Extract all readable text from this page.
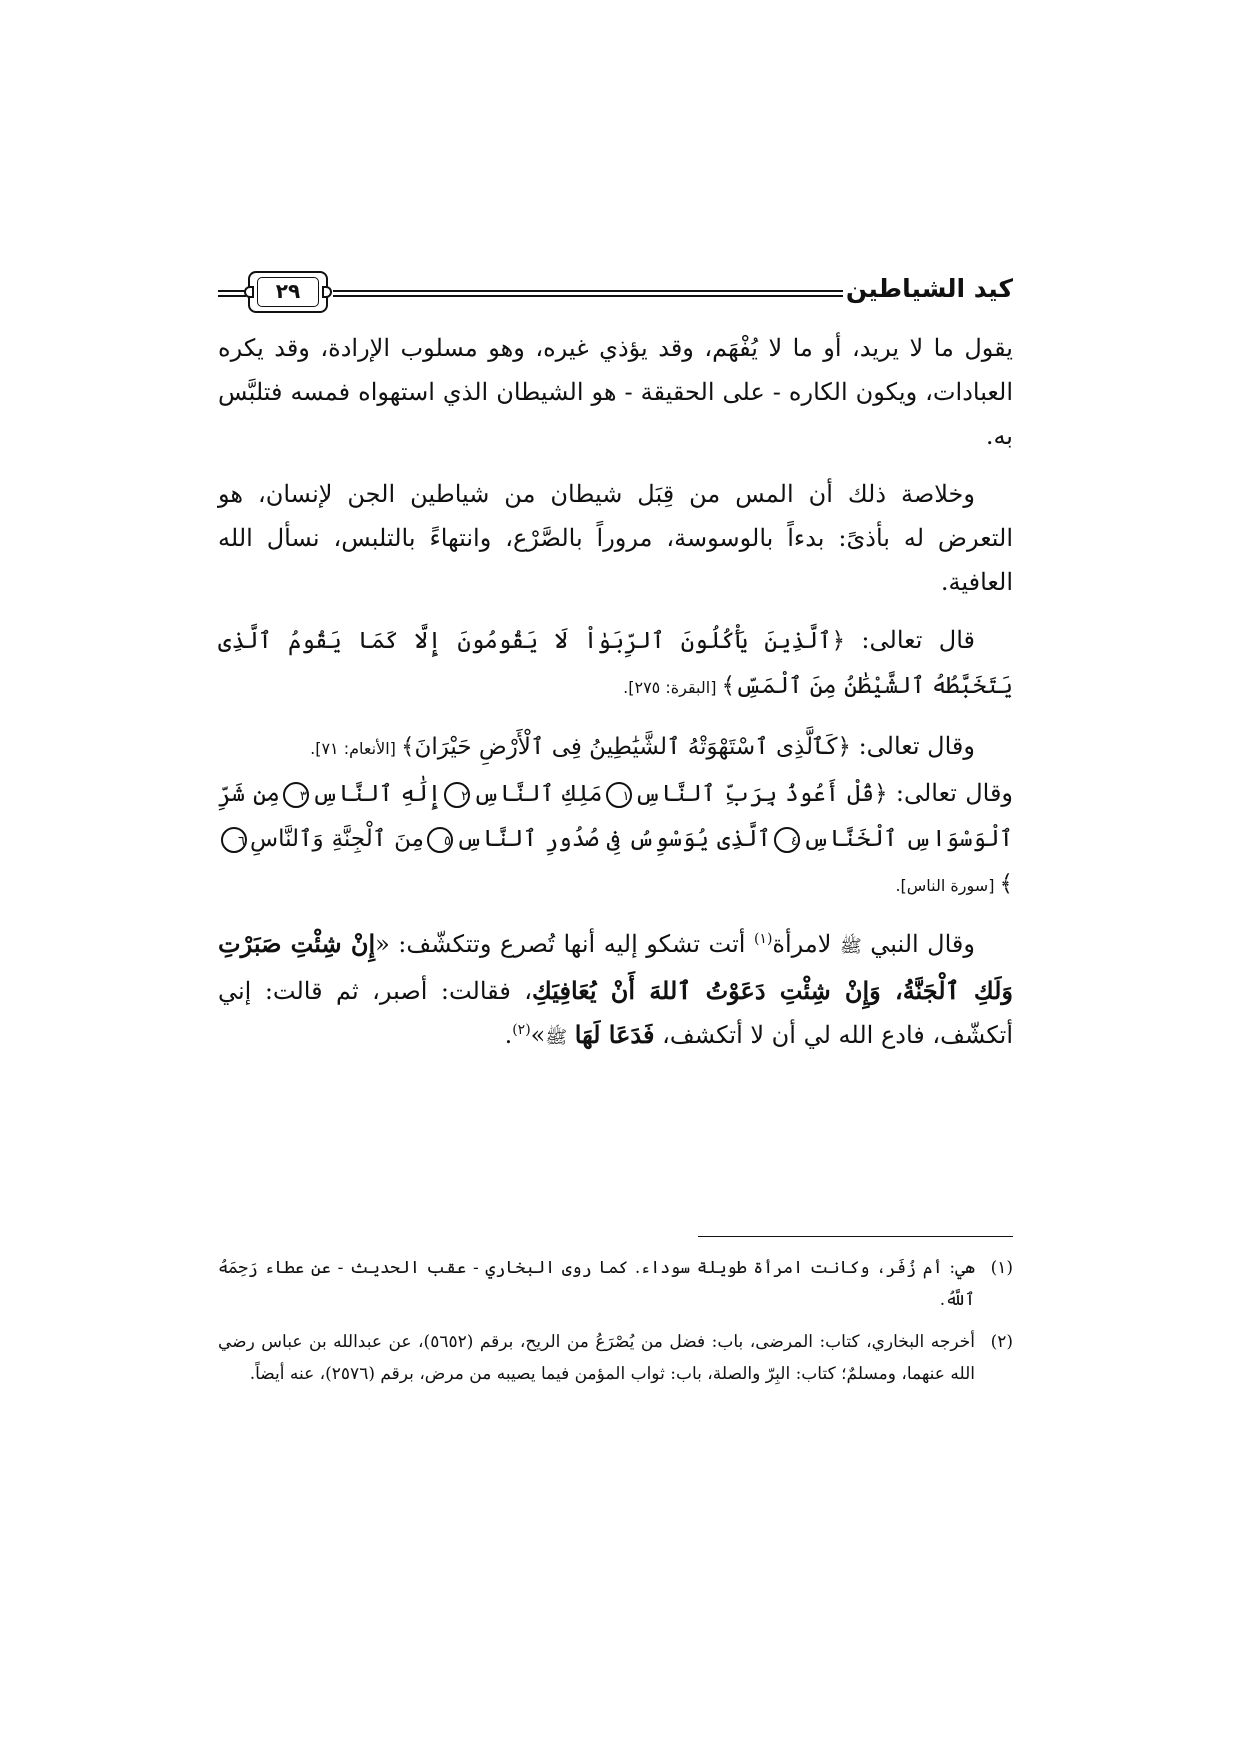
كيد الشياطين
٢٩

يقول ما لا يريد، أو ما لا يُفْهَم، وقد يؤذي غيره، وهو مسلوب الإرادة، وقد يكره العبادات، ويكون الكاره - على الحقيقة - هو الشيطان الذي استهواه فمسه فتلبَّس به.

وخلاصة ذلك أن المس من قِبَل شيطان من شياطين الجن لإنسان، هو التعرض له بأذىً: بدءاً بالوسوسة، مروراً بالصَّرْع، وانتهاءً بالتلبس، نسأل الله العافية.

قال تعالى: ﴿ٱلَّذِينَ يَأْكُلُونَ ٱلرِّبَوٰاْ لَا يَقُومُونَ إِلَّا كَمَا يَقُومُ ٱلَّذِى يَتَخَبَّطُهُ ٱلشَّيْطَٰنُ مِنَ ٱلْمَسِّ﴾ [البقرة: ٢٧٥].

وقال تعالى: ﴿كَٱلَّذِى ٱسْتَهْوَتْهُ ٱلشَّيَٰطِينُ فِى ٱلْأَرْضِ حَيْرَانَ﴾ [الأنعام: ٧١].

وقال تعالى: ﴿قُلْ أَعُوذُ بِرَبِّ ٱلنَّاسِ١مَلِكِ ٱلنَّاسِ٢إِلَٰهِ ٱلنَّاسِ٣مِن شَرِّ ٱلْوَسْوَاسِ ٱلْخَنَّاسِ٤ٱلَّذِى يُوَسْوِسُ فِى صُدُورِ ٱلنَّاسِ٥مِنَ ٱلْجِنَّةِ وَٱلنَّاسِ٦﴾ [سورة الناس].

وقال النبي ﷺ لامرأة$^{(١)}$ أتت تشكو إليه أنها تُصرع وتتكشّف: «إِنْ شِئْتِ صَبَرْتِ وَلَكِ ٱلْجَنَّةُ، وَإِنْ شِئْتِ دَعَوْتُ ٱللهَ أَنْ يُعَافِيَكِ، فقالت: أصبر، ثم قالت: إني أتكشّف، فادع الله لي أن لا أتكشف، فَدَعَا لَهَا ﷺ»$^{(٢)}$.

(١)
هي: أم زُفَر، وكانت امرأة طويلة سوداء. كما روى البخاري - عقب الحديث - عن عطاء رَحِمَهُ ٱللَّهُ.

(٢)
أخرجه البخاري، كتاب: المرضى، باب: فضل من يُصْرَعُ من الريح، برقم (٥٦٥٢)، عن عبدالله بن عباس رضي الله عنهما، ومسلمٌ؛ كتاب: البِرّ والصلة، باب: ثواب المؤمن فيما يصيبه من مرض، برقم (٢٥٧٦)، عنه أيضاً.
